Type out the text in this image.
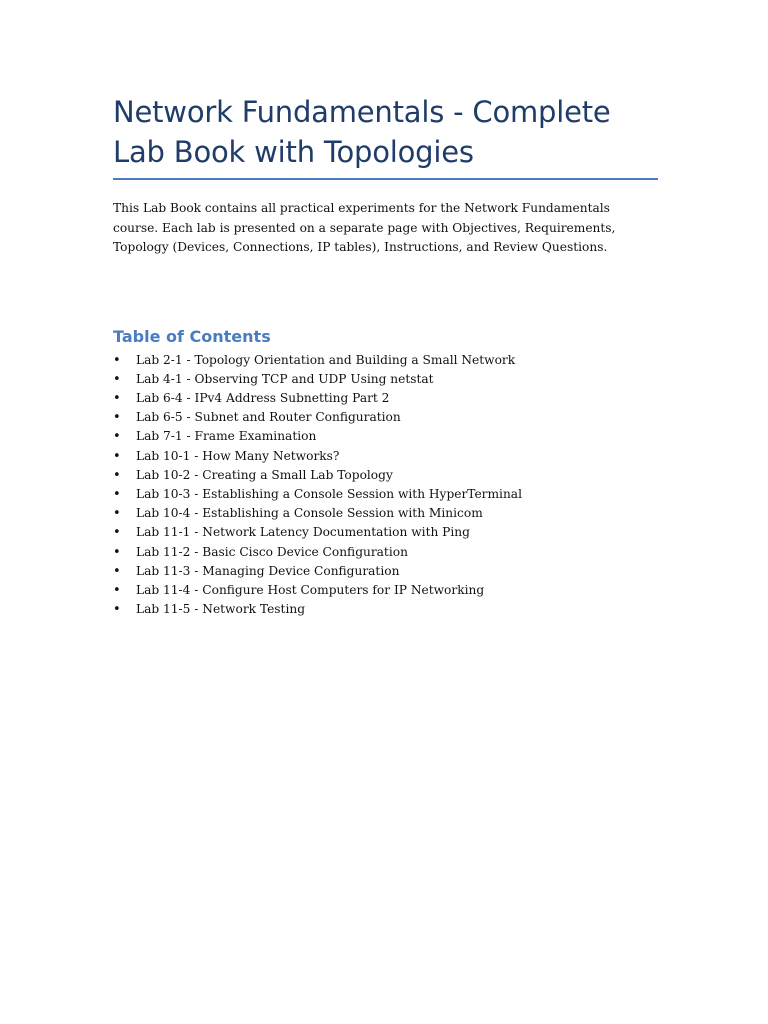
Network Fundamentals - Complete Lab Book with Topologies

This Lab Book contains all practical experiments for the Network Fundamentals course. Each lab is presented on a separate page with Objectives, Requirements, Topology (Devices, Connections, IP tables), Instructions, and Review Questions.

Table of Contents
• Lab 2-1 - Topology Orientation and Building a Small Network
• Lab 4-1 - Observing TCP and UDP Using netstat
• Lab 6-4 - IPv4 Address Subnetting Part 2
• Lab 6-5 - Subnet and Router Configuration
• Lab 7-1 - Frame Examination
• Lab 10-1 - How Many Networks?
• Lab 10-2 - Creating a Small Lab Topology
• Lab 10-3 - Establishing a Console Session with HyperTerminal
• Lab 10-4 - Establishing a Console Session with Minicom
• Lab 11-1 - Network Latency Documentation with Ping
• Lab 11-2 - Basic Cisco Device Configuration
• Lab 11-3 - Managing Device Configuration
• Lab 11-4 - Configure Host Computers for IP Networking
• Lab 11-5 - Network Testing
